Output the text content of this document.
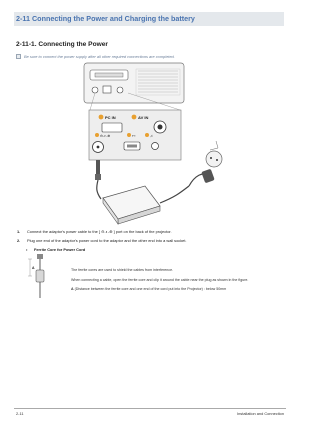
2-11 Connecting the Power and Charging the battery
2-11-1. Connecting the Power
Be sure to connect the power supply after all other required connections are completed.
PC IN	AV IN
⊖-◐-⊕	⊷	♫
A
1.	Connect the adaptor's power cable to the [ ⊖-◐-⊕ ] port on the back of the projector.
2.	Plug one end of the adaptor's power cord to the adaptor and the other end into a wall socket.
•	Ferrite Core for Power Cord

The ferrite cores are used to shield the cables from interference.

When connecting a cable, open the ferrite core and clip it around the cable near the plug as shown in the figure.

A (Distance between the ferrite core and one end of the cord put into the Projector) : below 50mm

2-11	Installation and Connection
